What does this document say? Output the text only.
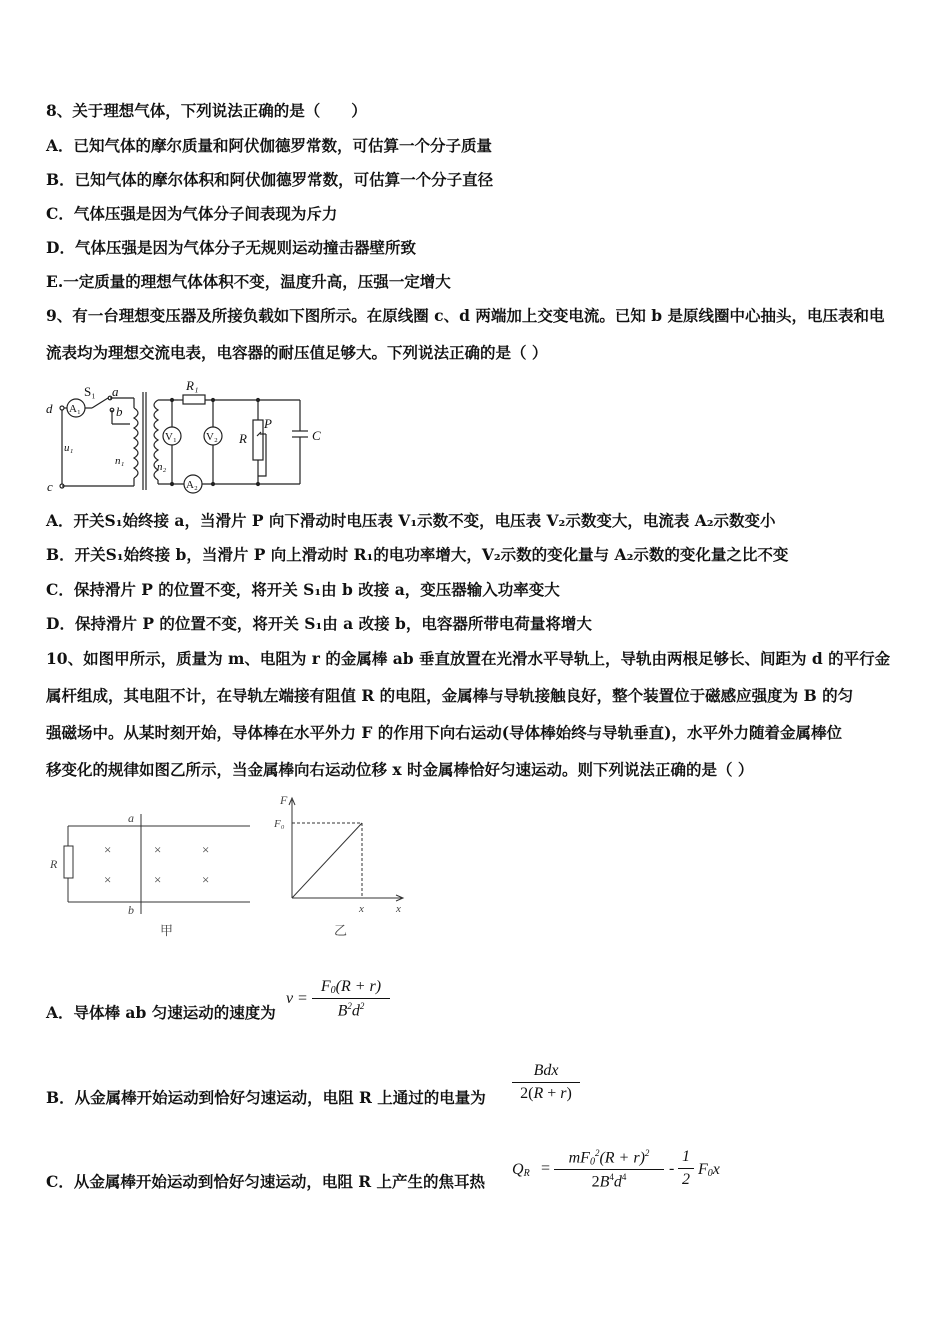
8、关于理想气体，下列说法正确的是（　　）
A．已知气体的摩尔质量和阿伏伽德罗常数，可估算一个分子质量
B．已知气体的摩尔体积和阿伏伽德罗常数，可估算一个分子直径
C．气体压强是因为气体分子间表现为斥力
D．气体压强是因为气体分子无规则运动撞击器壁所致
E.一定质量的理想气体体积不变，温度升高，压强一定增大
9、有一台理想变压器及所接负载如下图所示。在原线圈 c、d 两端加上交变电流。已知 b 是原线圈中心抽头，电压表和电
流表均为理想交流电表，电容器的耐压值足够大。下列说法正确的是（ ）
d
c
a
b
S₁
A₁
A₂
V₁	V₂
R₁
R
P
C
u₁
n₁	n₂
A．开关S₁始终接 a，当滑片 P 向下滑动时电压表 V₁示数不变，电压表 V₂示数变大，电流表 A₂示数变小
B．开关S₁始终接 b，当滑片 P 向上滑动时 R₁的电功率增大，V₂示数的变化量与 A₂示数的变化量之比不变
C．保持滑片 P 的位置不变，将开关 S₁由 b 改接 a，变压器输入功率变大
D．保持滑片 P 的位置不变，将开关 S₁由 a 改接 b，电容器所带电荷量将增大
10、如图甲所示，质量为 m、电阻为 r 的金属棒 ab 垂直放置在光滑水平导轨上，导轨由两根足够长、间距为 d 的平行金
属杆组成，其电阻不计，在导轨左端接有阻值 R 的电阻，金属棒与导轨接触良好，整个装置位于磁感应强度为 B 的匀
强磁场中。从某时刻开始，导体棒在水平外力 F 的作用下向右运动(导体棒始终与导轨垂直)，水平外力随着金属棒位
移变化的规律如图乙所示，当金属棒向右运动位移 x 时金属棒恰好匀速运动。则下列说法正确的是（ ）
×	×	×
×	×	×
a
b
R
甲
F
F₀
x	x
乙
A．导体棒 ab 匀速运动的速度为
$v = \frac{F_0(R + r)}{B^2d^2}$	v = F₀(R + r) / (B²d²)
B．从金属棒开始运动到恰好匀速运动，电阻 R 上通过的电量为
Bdx
2(R + r)	Bdx / 2(R + r)
C．从金属棒开始运动到恰好匀速运动，电阻 R 上产生的焦耳热
$Q_R = \frac{mF_0^2(R + r)^2}{2B^4d^4} - \frac{1}{2} F_0x$
Q_R = mF₀²(R + r)² / (2B⁴d⁴) - (1/2)F₀x
